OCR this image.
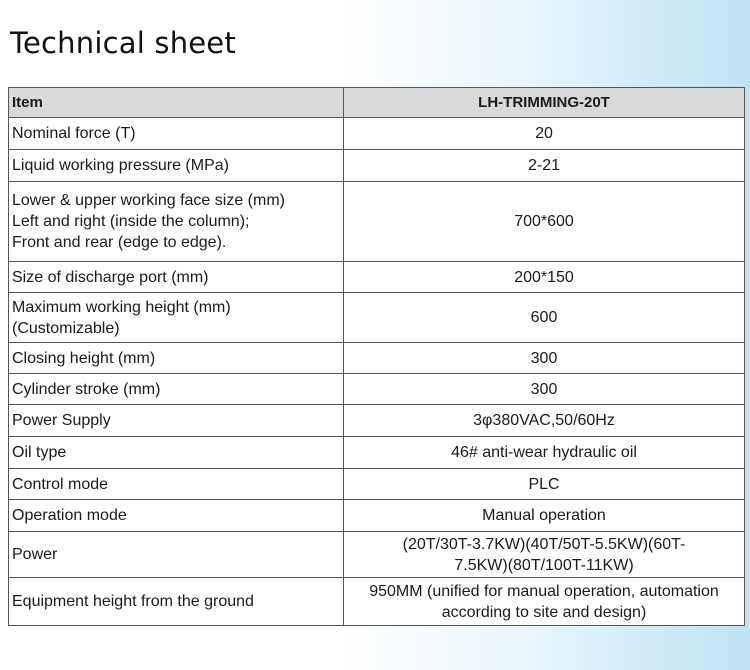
Technical sheet
Item	LH-TRIMMING-20T
Nominal force (T)	20
Liquid working pressure (MPa)	2-21
Lower & upper working face size (mm)
Left and right (inside the column);
Front and rear (edge to edge).	700*600
Size of discharge port (mm)	200*150
Maximum working height (mm)
(Customizable)	600
Closing height (mm)	300
Cylinder stroke (mm)	300
Power Supply	3φ380VAC,50/60Hz
Oil type	46# anti-wear hydraulic oil
Control mode	PLC
Operation mode	Manual operation
Power	(20T/30T-3.7KW)(40T/50T-5.5KW)(60T-
7.5KW)(80T/100T-11KW)
Equipment height from the ground	950MM (unified for manual operation, automation
according to site and design)
